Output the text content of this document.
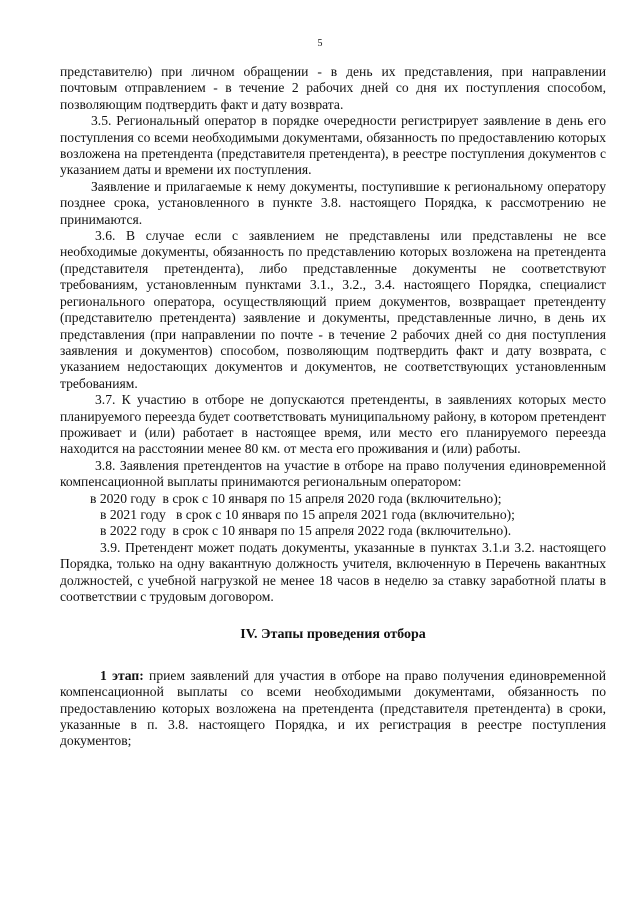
5

представителю) при личном обращении - в день их представления, при направлении почтовым отправлением - в течение 2 рабочих дней со дня их поступления способом, позволяющим подтвердить факт и дату возврата.

3.5. Региональный оператор в порядке очередности регистрирует заявление в день его поступления со всеми необходимыми документами, обязанность по предоставлению которых возложена на претендента (представителя претендента), в реестре поступления документов с указанием даты и времени их поступления.

Заявление и прилагаемые к нему документы, поступившие к региональному оператору позднее срока, установленного в пункте 3.8. настоящего Порядка, к рассмотрению не принимаются.

3.6. В случае если с заявлением не представлены или представлены не все необходимые документы, обязанность по представлению которых возложена на претендента (представителя претендента), либо представленные документы не соответствуют требованиям, установленным пунктами 3.1., 3.2., 3.4. настоящего Порядка, специалист регионального оператора, осуществляющий прием документов, возвращает претенденту (представителю претендента) заявление и документы, представленные лично, в день их представления (при направлении по почте - в течение 2 рабочих дней со дня поступления заявления и документов) способом, позволяющим подтвердить факт и дату возврата, с указанием недостающих документов и документов, не соответствующих установленным требованиям.

3.7. К участию в отборе не допускаются претенденты, в заявлениях которых место планируемого переезда будет соответствовать муниципальному району, в котором претендент проживает и (или) работает в настоящее время, или место его планируемого переезда находится на расстоянии менее 80 км. от места его проживания и (или) работы.

3.8. Заявления претендентов на участие в отборе на право получения единовременной компенсационной выплаты принимаются региональным оператором:

в 2020 году  в срок с 10 января по 15 апреля 2020 года (включительно);

в 2021 году   в срок с 10 января по 15 апреля 2021 года (включительно);

в 2022 году  в срок с 10 января по 15 апреля 2022 года (включительно).

3.9. Претендент может подать документы, указанные в пунктах 3.1.и 3.2. настоящего Порядка, только на одну вакантную должность учителя, включенную в Перечень вакантных должностей, с учебной нагрузкой не менее 18 часов в неделю за ставку заработной платы в соответствии с трудовым договором.

IV. Этапы проведения отбора

1 этап: прием заявлений для участия в отборе на право получения единовременной компенсационной выплаты со всеми необходимыми документами, обязанность по предоставлению которых возложена на претендента (представителя претендента) в сроки, указанные в п. 3.8. настоящего Порядка, и их регистрация в реестре поступления документов;
